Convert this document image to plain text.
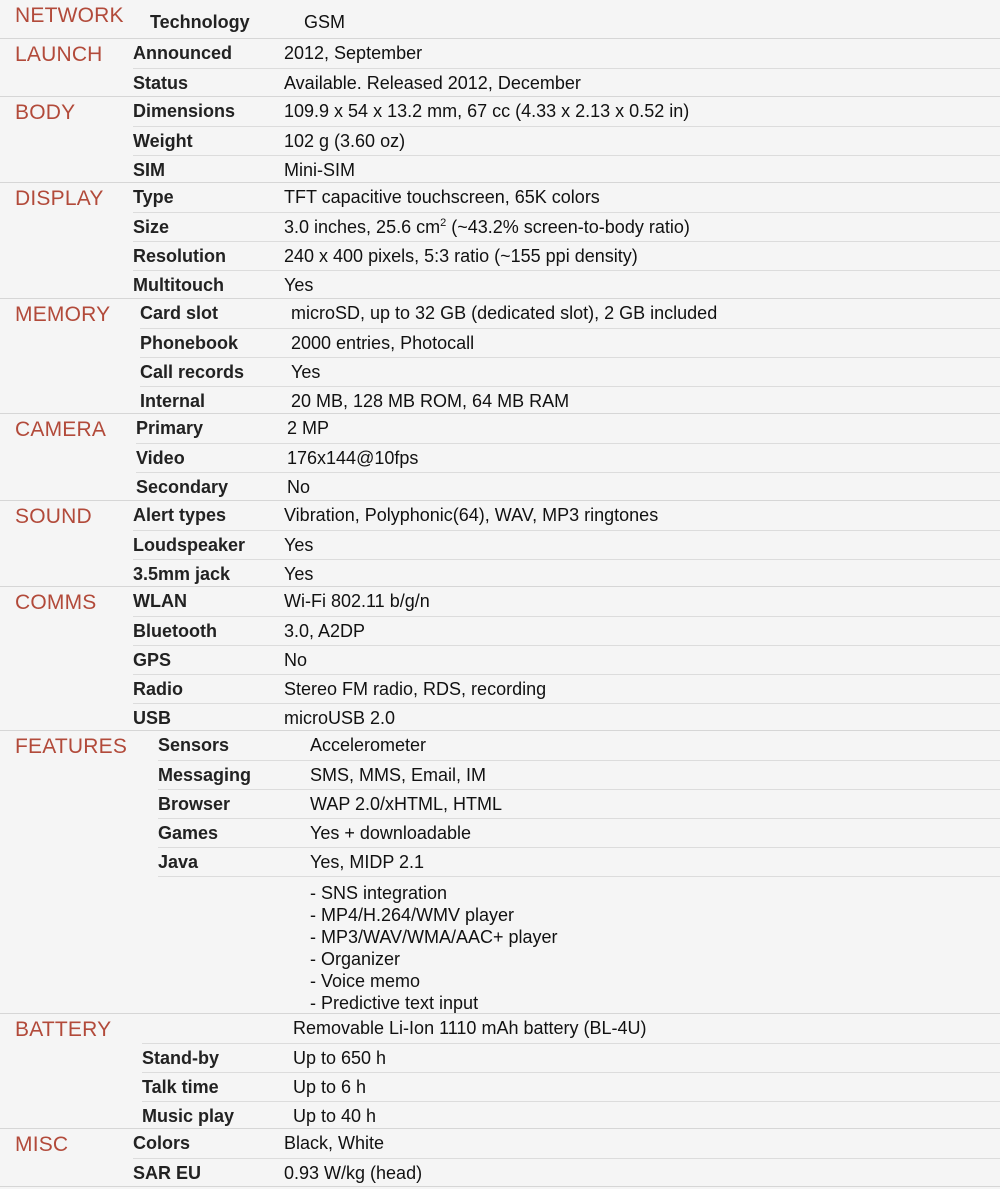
NETWORK Technology	GSM
LAUNCH Announced	2012, September
Status	Available. Released 2012, December
BODY	Dimensions	109.9 x 54 x 13.2 mm, 67 cc (4.33 x 2.13 x 0.52 in)
Weight	102 g (3.60 oz)
SIM	Mini-SIM
DISPLAY Type	TFT capacitive touchscreen, 65K colors
Size	3.0 inches, 25.6 $cm^2$ (~43.2% screen-to-body ratio)
Resolution	240 x 400 pixels, 5:3 ratio (~155 ppi density)
Multitouch	Yes
MEMORY Card slot	microSD, up to 32 GB (dedicated slot), 2 GB included
Phonebook	2000 entries, Photocall
Call records	Yes
Internal	20 MB, 128 MB ROM, 64 MB RAM
CAMERA Primary	2 MP
Video	176x144@10fps
Secondary	No
SOUND Alert types	Vibration, Polyphonic(64), WAV, MP3 ringtones
Loudspeaker Yes
3.5mm jack	Yes
COMMS WLAN	Wi-Fi 802.11 b/g/n
Bluetooth	3.0, A2DP
GPS	No
Radio	Stereo FM radio, RDS, recording
USB	microUSB 2.0
FEATURES Sensors	Accelerometer
Messaging	SMS, MMS, Email, IM
Browser	WAP 2.0/xHTML, HTML
Games	Yes + downloadable
Java	Yes, MIDP 2.1
- SNS integration
- MP4/H.264/WMV player
- MP3/WAV/WMA/AAC+ player
- Organizer
- Voice memo
- Predictive text input
BATTERY	Removable Li-Ion 1110 mAh battery (BL-4U)
Stand-by	Up to 650 h
Talk time	Up to 6 h
Music play	Up to 40 h
MISC	Colors	Black, White
SAR EU	0.93 W/kg (head)
